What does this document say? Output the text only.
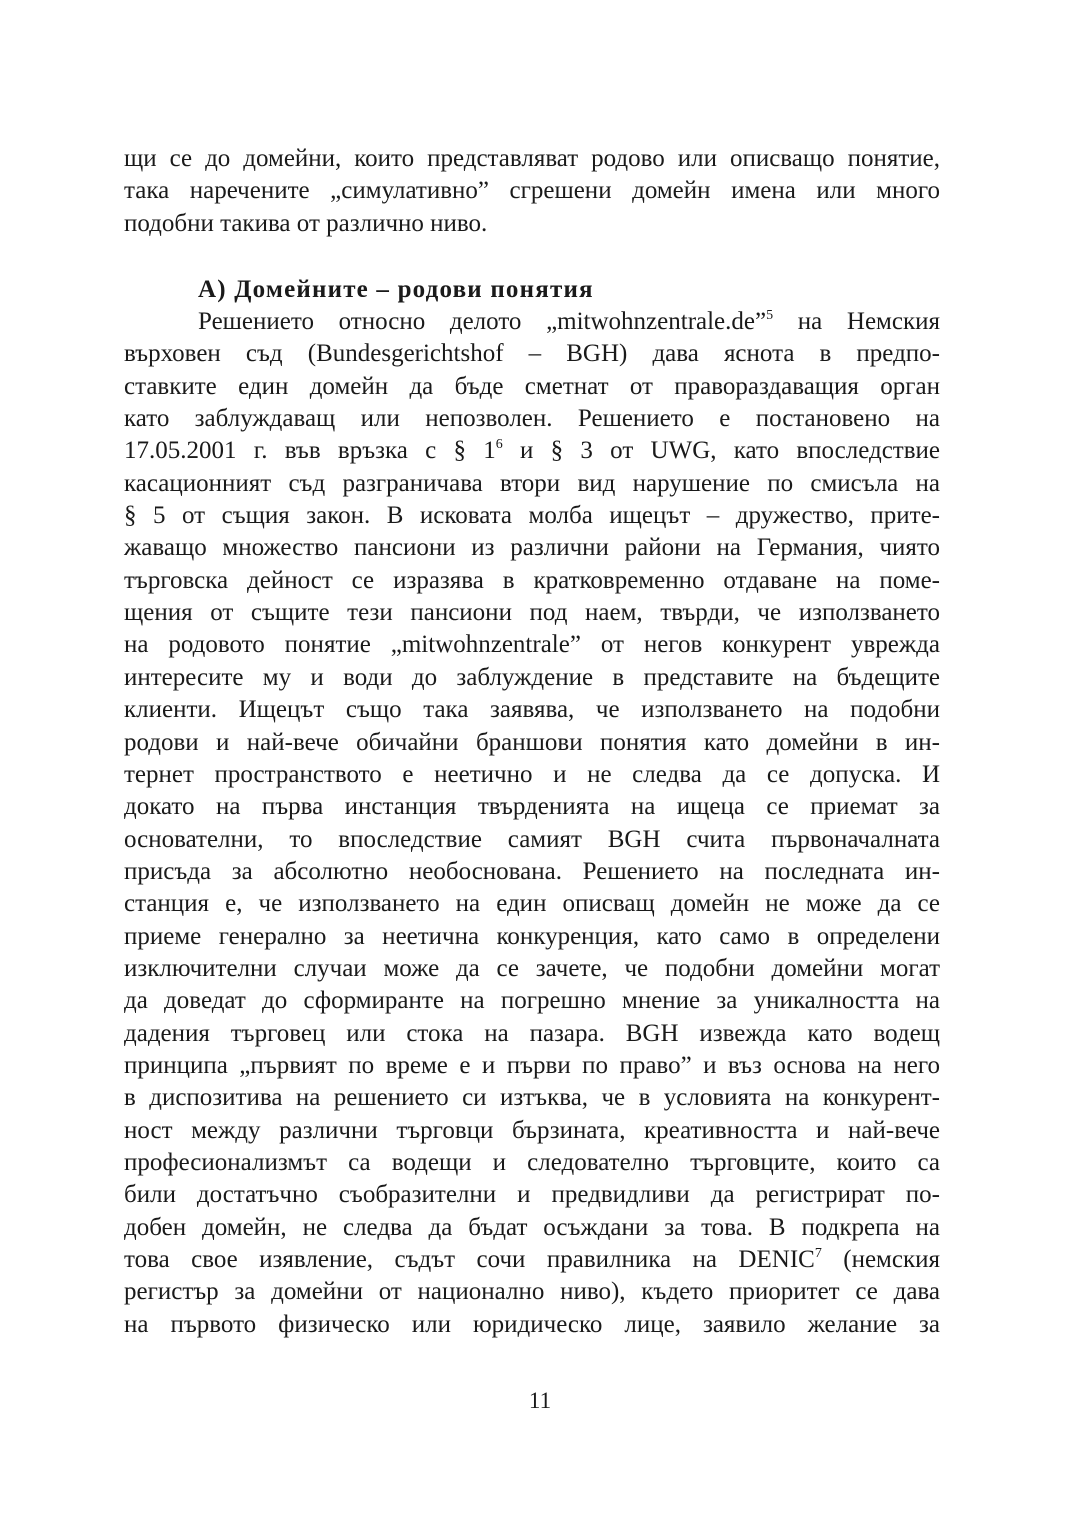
щи се до домейни, които представляват родово или описващо понятие,
така наречените „симулативно” сгрешени домейн имена или много
подобни такива от различно ниво.
А) Домейните – родови понятия
Решението относно делото „mitwohnzentrale.de”$^5$ на Немския
върховен съд (Bundesgerichtshof – BGH) дава яснота в предпо-
ставките един домейн да бъде сметнат от правораздаващия орган
като заблуждаващ или непозволен. Решението е постановено на
17.05.2001 г. във връзка с § $1^6$ и § 3 от UWG, като впоследствие
касационният съд разграничава втори вид нарушение по смисъла на
§ 5 от същия закон. В исковата молба ищецът – дружество, прите-
жаващо множество пансиони из различни райони на Германия, чиято
търговска дейност се изразява в кратковременно отдаване на поме-
щения от същите тези пансиони под наем, твърди, че използването
на родовото понятие „mitwohnzentrale” от негов конкурент уврежда
интересите му и води до заблуждение в представите на бъдещите
клиенти. Ищецът също така заявява, че използването на подобни
родови и най-вече обичайни браншови понятия като домейни в ин-
тернет пространството е неетично и не следва да се допуска. И
докато на първа инстанция твърденията на ищеца се приемат за
основателни, то впоследствие самият BGH счита първоначалната
присъда за абсолютно необоснована. Решението на последната ин-
станция е, че използването на един описващ домейн не може да се
приеме генерално за неетична конкуренция, като само в определени
изключителни случаи може да се зачете, че подобни домейни могат
да доведат до сформиранте на погрешно мнение за уникалността на
дадения търговец или стока на пазара. BGH извежда като водещ
принципа „първият по време е и първи по право” и въз основа на него
в диспозитива на решението си изтъква, че в условията на конкурент-
ност между различни търговци бързината, креативността и най-вече
професионализмът са водещи и следователно търговците, които са
били достатъчно съобразителни и предвидливи да регистрират по-
добен домейн, не следва да бъдат осъждани за това. В подкрепа на
това свое изявление, съдът сочи правилника на DENIC$^7$ (немския
регистър за домейни от национално ниво), където приоритет се дава
на първото физическо или юридическо лице, заявило желание за
11
